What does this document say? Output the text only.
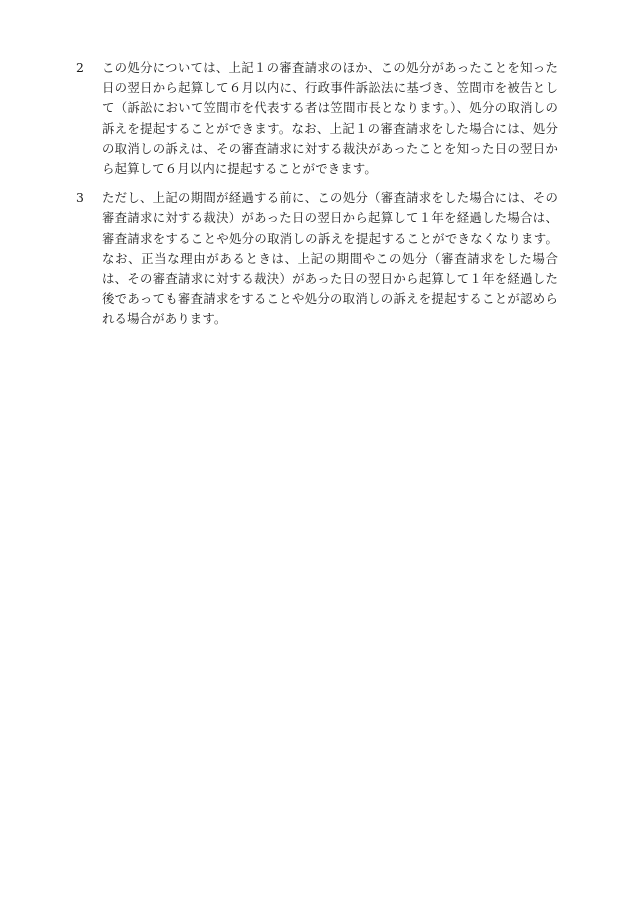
2	この処分については、上記１の審査請求のほか、この処分があったことを知った日の翌日から起算して６月以内に、行政事件訴訟法に基づき、笠間市を被告として（訴訟において笠間市を代表する者は笠間市長となります。）、処分の取消しの訴えを提起することができます。なお、上記１の審査請求をした場合には、処分の取消しの訴えは、その審査請求に対する裁決があったことを知った日の翌日から起算して６月以内に提起することができます。
3	ただし、上記の期間が経過する前に、この処分（審査請求をした場合には、その審査請求に対する裁決）があった日の翌日から起算して１年を経過した場合は、審査請求をすることや処分の取消しの訴えを提起することができなくなります。なお、正当な理由があるときは、上記の期間やこの処分（審査請求をした場合は、その審査請求に対する裁決）があった日の翌日から起算して１年を経過した後であっても審査請求をすることや処分の取消しの訴えを提起することが認められる場合があります。
